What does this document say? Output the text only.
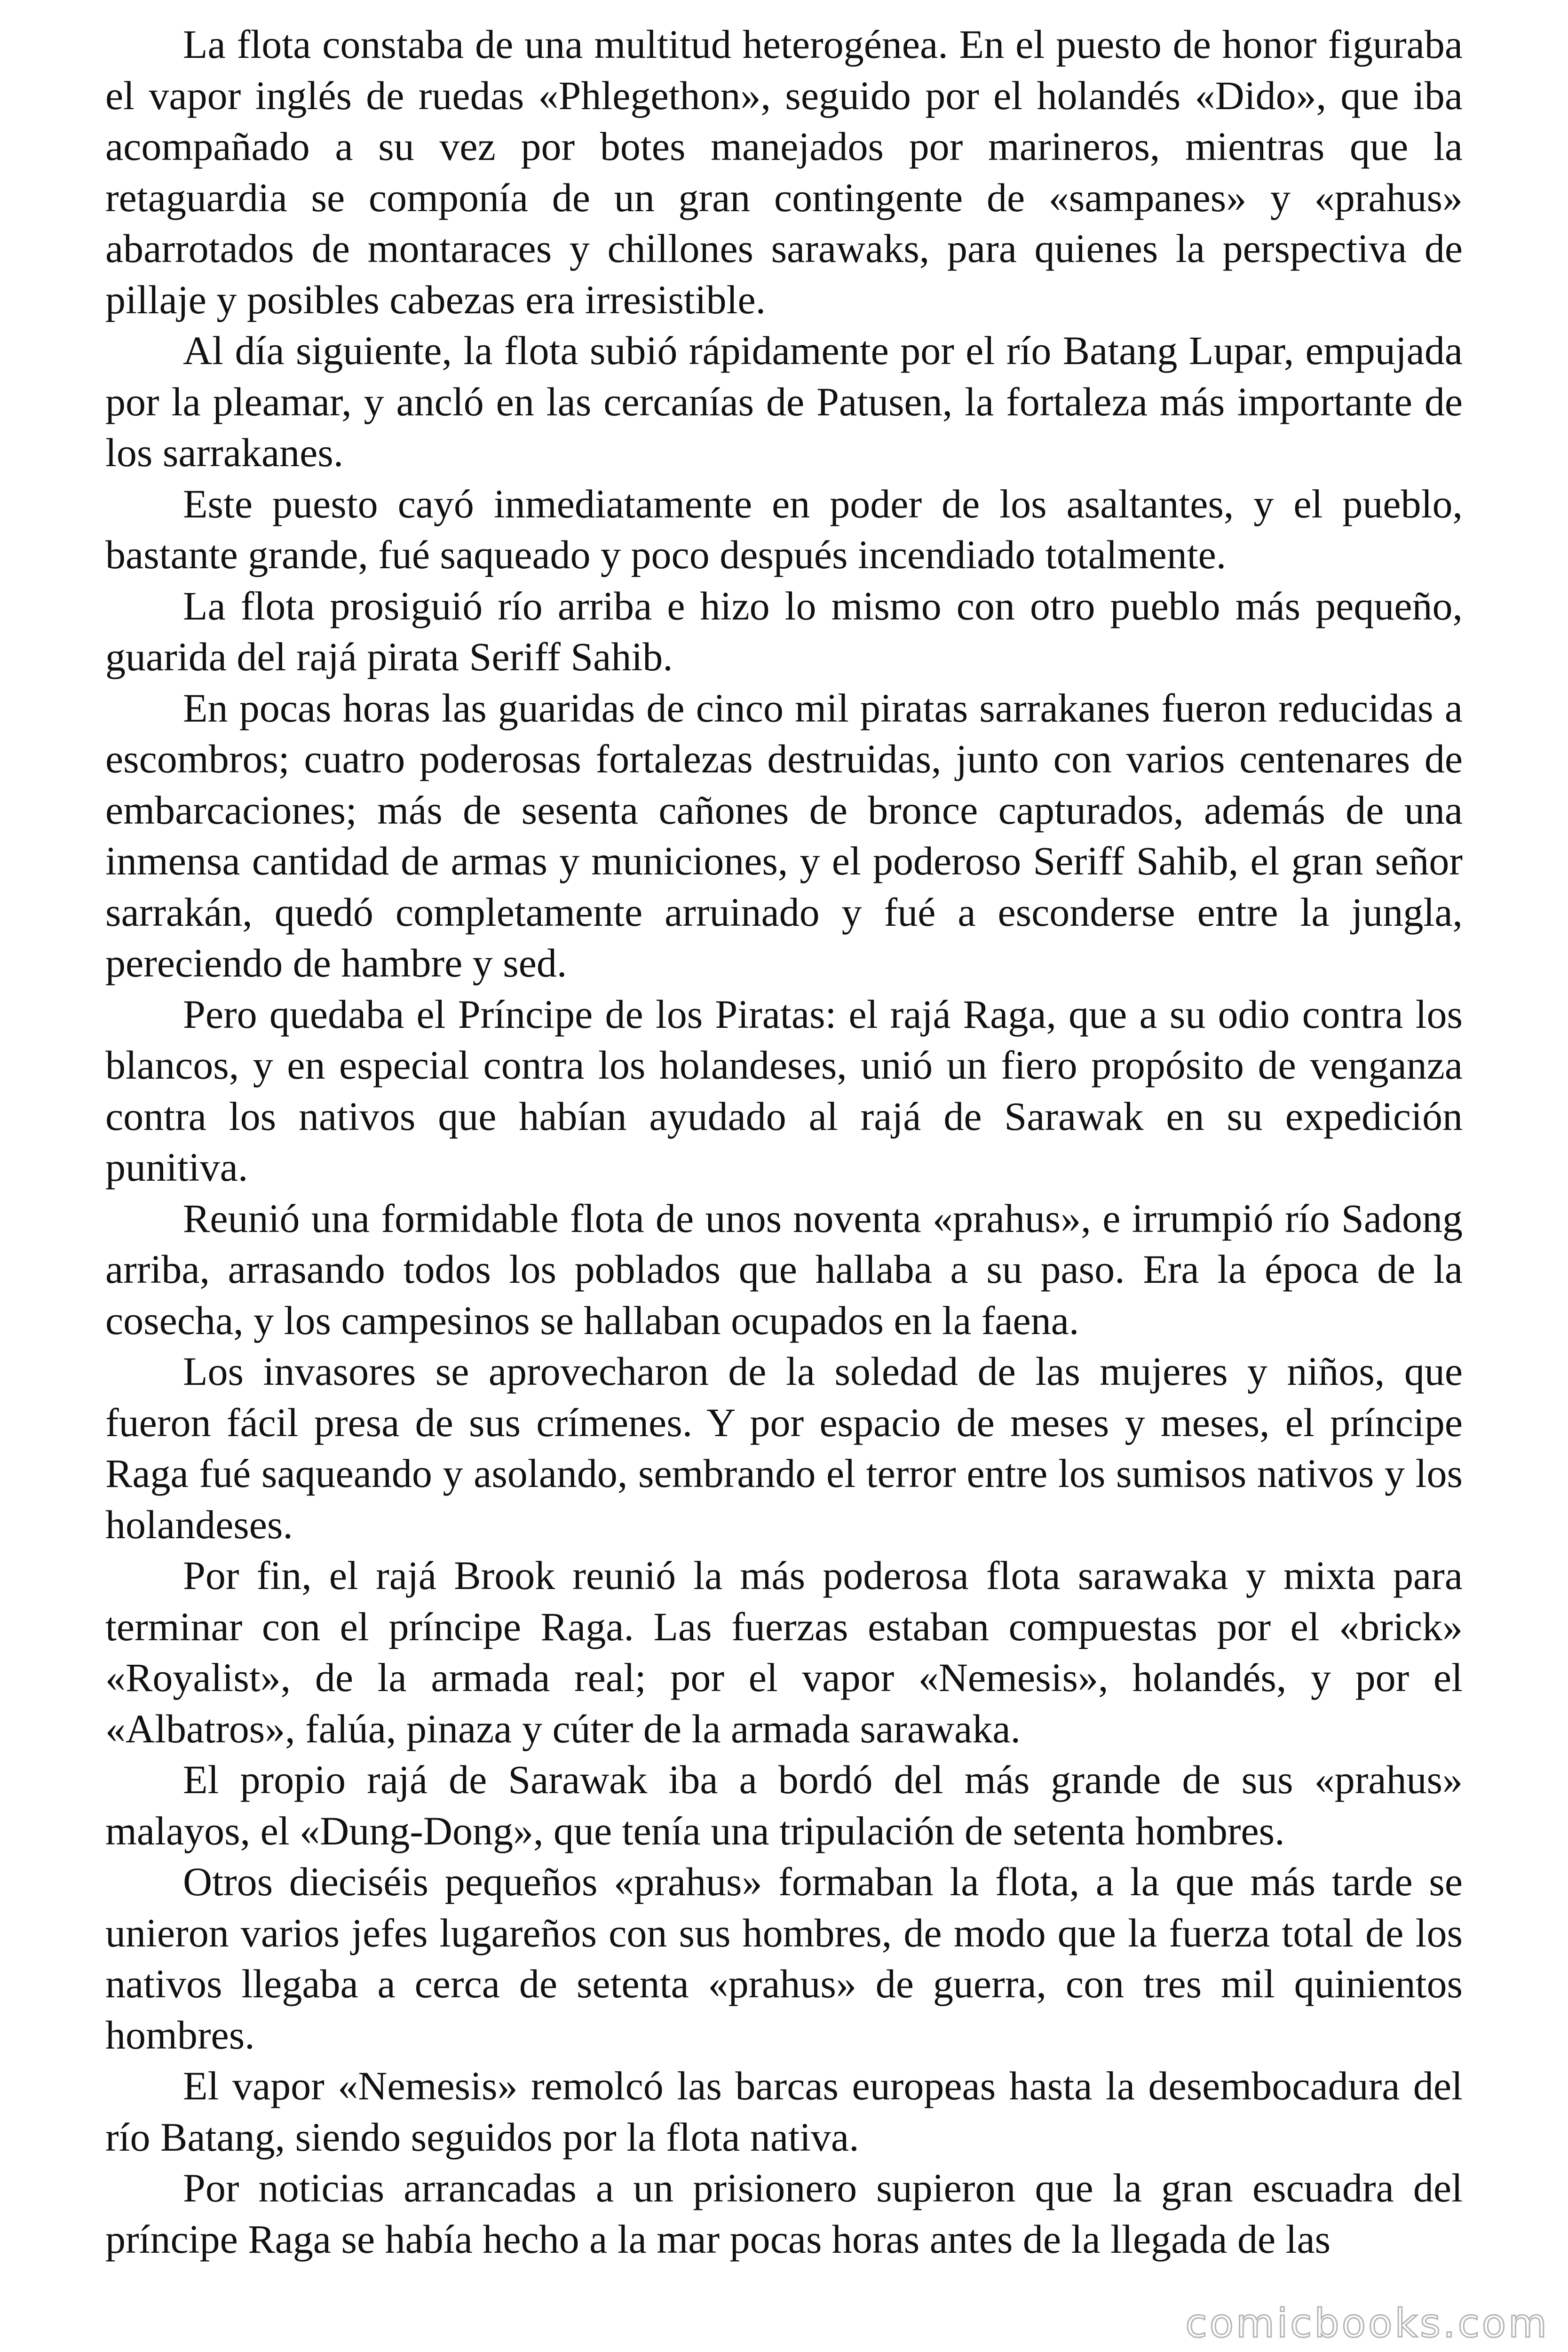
La flota constaba de una multitud heterogénea. En el puesto de honor figuraba el vapor inglés de ruedas «Phlegethon», seguido por el holandés «Dido», que iba acompañado a su vez por botes manejados por marineros, mientras que la retaguardia se componía de un gran contingente de «sampanes» y «prahus» abarrotados de montaraces y chillones sarawaks, para quienes la perspectiva de pillaje y posibles cabezas era irresistible.

Al día siguiente, la flota subió rápidamente por el río Batang Lupar, empujada por la pleamar, y ancló en las cercanías de Patusen, la fortaleza más importante de los sarrakanes.

Este puesto cayó inmediatamente en poder de los asaltantes, y el pueblo, bastante grande, fué saqueado y poco después incendiado totalmente.

La flota prosiguió río arriba e hizo lo mismo con otro pueblo más pequeño, guarida del rajá pirata Seriff Sahib.

En pocas horas las guaridas de cinco mil piratas sarrakanes fueron reducidas a escombros; cuatro poderosas fortalezas destruidas, junto con varios centenares de embarcaciones; más de sesenta cañones de bronce capturados, además de una inmensa cantidad de armas y municiones, y el poderoso Seriff Sahib, el gran señor sarrakán, quedó completamente arruinado y fué a esconderse entre la jungla, pereciendo de hambre y sed.

Pero quedaba el Príncipe de los Piratas: el rajá Raga, que a su odio contra los blancos, y en especial contra los holandeses, unió un fiero propósito de venganza contra los nativos que habían ayudado al rajá de Sarawak en su expedición punitiva.

Reunió una formidable flota de unos noventa «prahus», e irrumpió río Sadong arriba, arrasando todos los poblados que hallaba a su paso. Era la época de la cosecha, y los campesinos se hallaban ocupados en la faena.

Los invasores se aprovecharon de la soledad de las mujeres y niños, que fueron fácil presa de sus crímenes. Y por espacio de meses y meses, el príncipe Raga fué saqueando y asolando, sembrando el terror entre los sumisos nativos y los holandeses.

Por fin, el rajá Brook reunió la más poderosa flota sarawaka y mixta para terminar con el príncipe Raga. Las fuerzas estaban compuestas por el «brick» «Royalist», de la armada real; por el vapor «Nemesis», holandés, y por el «Albatros», falúa, pinaza y cúter de la armada sarawaka.

El propio rajá de Sarawak iba a bordó del más grande de sus «prahus» malayos, el «Dung-Dong», que tenía una tripulación de setenta hombres.

Otros dieciséis pequeños «prahus» formaban la flota, a la que más tarde se unieron varios jefes lugareños con sus hombres, de modo que la fuerza total de los nativos llegaba a cerca de setenta «prahus» de guerra, con tres mil quinientos hombres.

El vapor «Nemesis» remolcó las barcas europeas hasta la desembocadura del río Batang, siendo seguidos por la flota nativa.

Por noticias arrancadas a un prisionero supieron que la gran escuadra del príncipe Raga se había hecho a la mar pocas horas antes de la llegada de las

comicbooks.com
